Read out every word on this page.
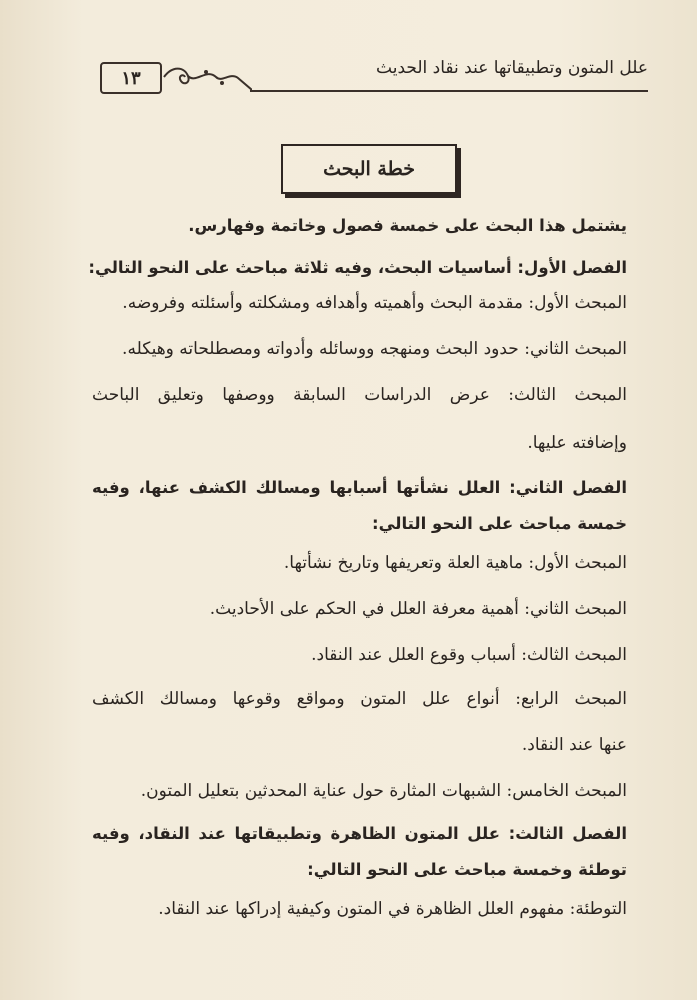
١٣	علل المتون وتطبيقاتها عند نقاد الحديث
خطة البحث

يشتمل هذا البحث على خمسة فصول وخاتمة وفهارس.

الفصل الأول: أساسيات البحث، وفيه ثلاثة مباحث على النحو التالي:

المبحث الأول: مقدمة البحث وأهميته وأهدافه ومشكلته وأسئلته وفروضه.

المبحث الثاني: حدود البحث ومنهجه ووسائله وأدواته ومصطلحاته وهيكله.

المبحث الثالث: عرض الدراسات السابقة ووصفها وتعليق الباحث

وإضافته عليها.

الفصل الثاني: العلل نشأتها أسبابها ومسالك الكشف عنها، وفيه

خمسة مباحث على النحو التالي:

المبحث الأول: ماهية العلة وتعريفها وتاريخ نشأتها.

المبحث الثاني: أهمية معرفة العلل في الحكم على الأحاديث.

المبحث الثالث: أسباب وقوع العلل عند النقاد.

المبحث الرابع: أنواع علل المتون ومواقع وقوعها ومسالك الكشف

عنها عند النقاد.

المبحث الخامس: الشبهات المثارة حول عناية المحدثين بتعليل المتون.

الفصل الثالث: علل المتون الظاهرة وتطبيقاتها عند النقاد، وفيه

توطئة وخمسة مباحث على النحو التالي:

التوطئة: مفهوم العلل الظاهرة في المتون وكيفية إدراكها عند النقاد.
